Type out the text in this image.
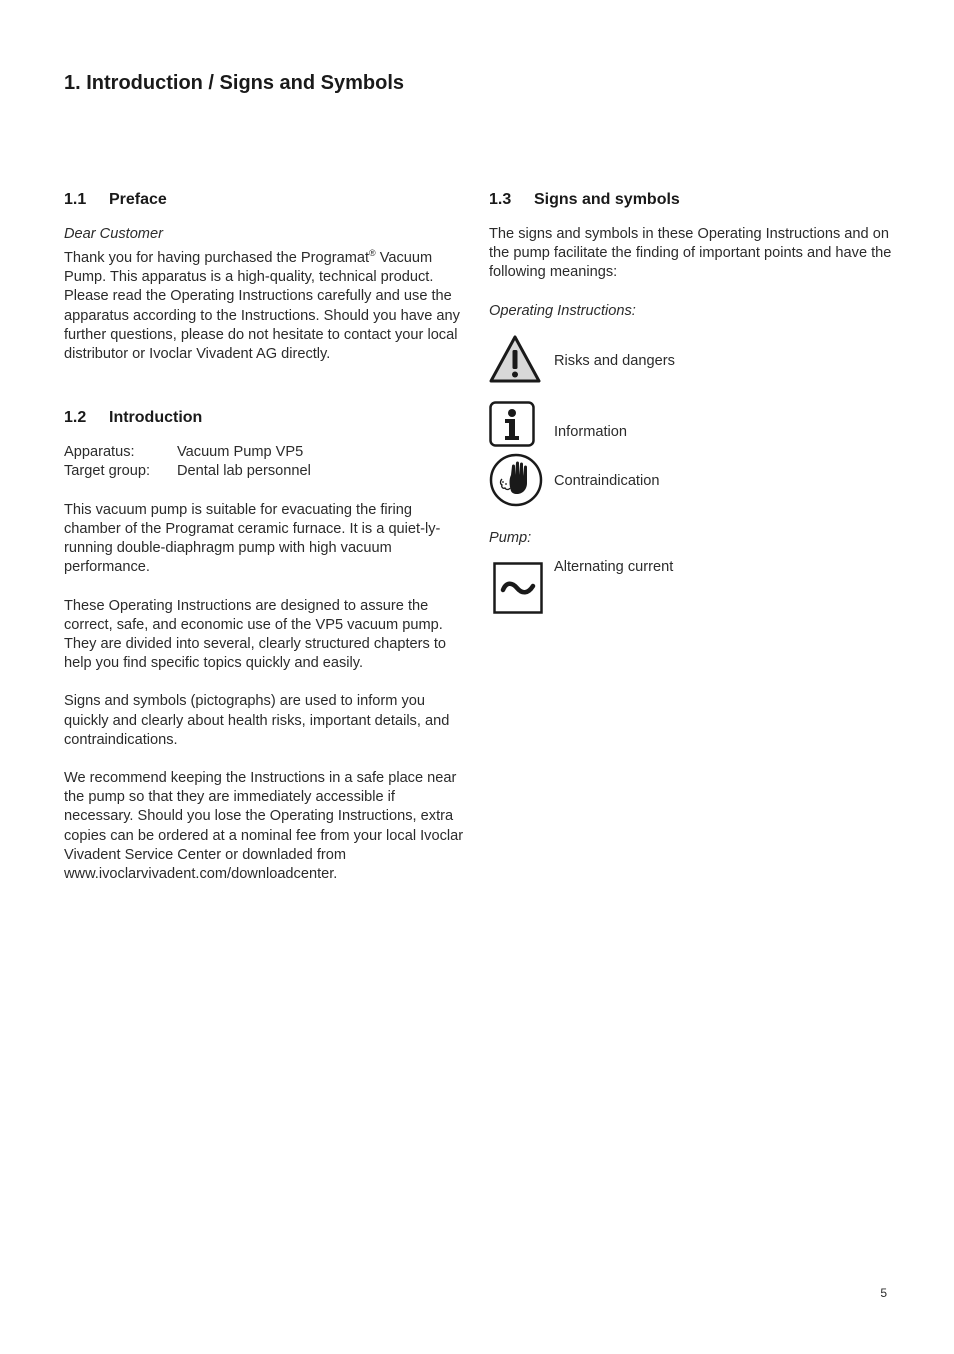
1. Introduction / Signs and Symbols
1.1 Preface

Dear Customer

Thank you for having purchased the Programat® Vacuum Pump. This apparatus is a high-quality, technical product. Please read the Operating Instructions carefully and use the apparatus according to the Instructions. Should you have any further questions, please do not hesitate to contact your local distributor or Ivoclar Vivadent AG directly.

1.2 Introduction
Apparatus:	Vacuum Pump VP5
Target group:	Dental lab personnel

This vacuum pump is suitable for evacuating the firing chamber of the Programat ceramic furnace. It is a quiet-ly-running double-diaphragm pump with high vacuum performance.

These Operating Instructions are designed to assure the correct, safe, and economic use of the VP5 vacuum pump. They are divided into several, clearly structured chapters to help you find specific topics quickly and easily.

Signs and symbols (pictographs) are used to inform you quickly and clearly about health risks, important details, and contraindications.

We recommend keeping the Instructions in a safe place near the pump so that they are immediately accessible if necessary. Should you lose the Operating Instructions, extra copies can be ordered at a nominal fee from your local Ivoclar Vivadent Service Center or downladed from www.ivoclarvivadent.com/downloadcenter.

1.3 Signs and symbols

The signs and symbols in these Operating Instructions and on the pump facilitate the finding of important points and have the following meanings:

Operating Instructions:

Risks and dangers
Information
Contraindication

Pump:

Alternating current
5
